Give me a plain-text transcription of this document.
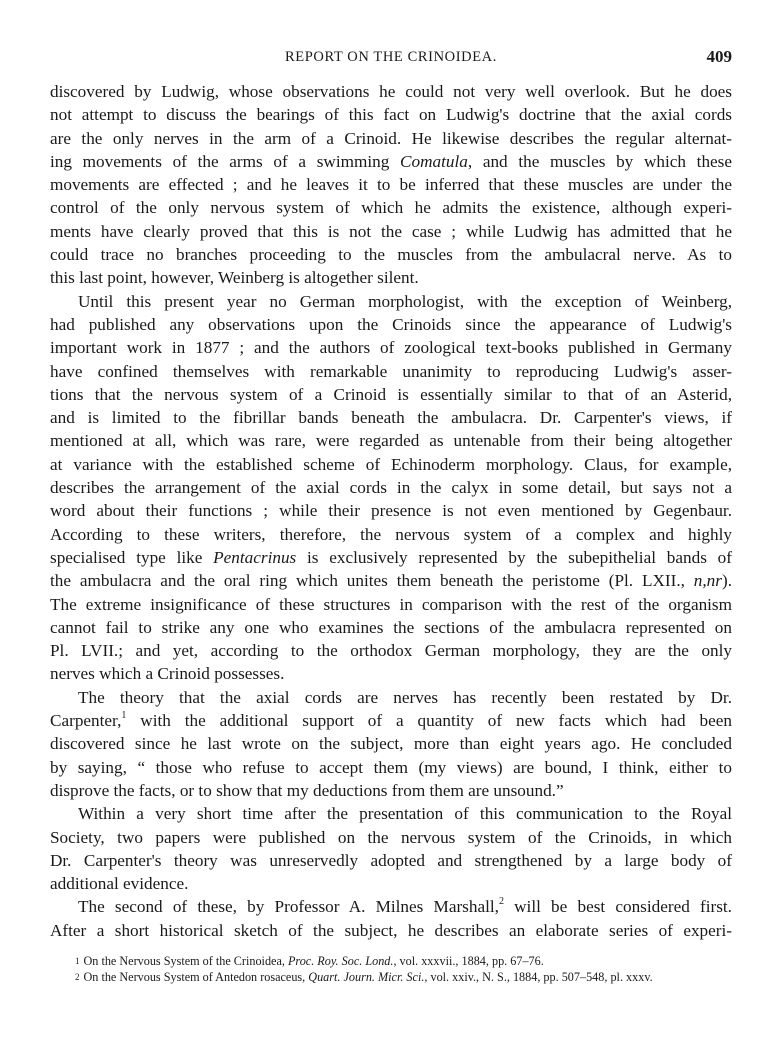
REPORT ON THE CRINOIDEA.	409
discovered by Ludwig, whose observations he could not very well overlook. But he does
not attempt to discuss the bearings of this fact on Ludwig's doctrine that the axial cords
are the only nerves in the arm of a Crinoid. He likewise describes the regular alternat-
ing movements of the arms of a swimming Comatula, and the muscles by which these
movements are effected ; and he leaves it to be inferred that these muscles are under the
control of the only nervous system of which he admits the existence, although experi-
ments have clearly proved that this is not the case ; while Ludwig has admitted that he
could trace no branches proceeding to the muscles from the ambulacral nerve. As to
this last point, however, Weinberg is altogether silent.
Until this present year no German morphologist, with the exception of Weinberg,
had published any observations upon the Crinoids since the appearance of Ludwig's
important work in 1877 ; and the authors of zoological text-books published in Germany
have confined themselves with remarkable unanimity to reproducing Ludwig's asser-
tions that the nervous system of a Crinoid is essentially similar to that of an Asterid,
and is limited to the fibrillar bands beneath the ambulacra. Dr. Carpenter's views, if
mentioned at all, which was rare, were regarded as untenable from their being altogether
at variance with the established scheme of Echinoderm morphology. Claus, for example,
describes the arrangement of the axial cords in the calyx in some detail, but says not a
word about their functions ; while their presence is not even mentioned by Gegenbaur.
According to these writers, therefore, the nervous system of a complex and highly
specialised type like Pentacrinus is exclusively represented by the subepithelial bands of
the ambulacra and the oral ring which unites them beneath the peristome (Pl. LXII., n,nr).
The extreme insignificance of these structures in comparison with the rest of the organism
cannot fail to strike any one who examines the sections of the ambulacra represented on
Pl. LVII.; and yet, according to the orthodox German morphology, they are the only
nerves which a Crinoid possesses.
The theory that the axial cords are nerves has recently been restated by Dr.
Carpenter,$^1$ with the additional support of a quantity of new facts which had been
discovered since he last wrote on the subject, more than eight years ago. He concluded
by saying, “ those who refuse to accept them (my views) are bound, I think, either to
disprove the facts, or to show that my deductions from them are unsound.”
Within a very short time after the presentation of this communication to the Royal
Society, two papers were published on the nervous system of the Crinoids, in which
Dr. Carpenter's theory was unreservedly adopted and strengthened by a large body of
additional evidence.
The second of these, by Professor A. Milnes Marshall,$^2$ will be best considered first.
After a short historical sketch of the subject, he describes an elaborate series of experi-
$^1$ On the Nervous System of the Crinoidea, Proc. Roy. Soc. Lond., vol. xxxvii., 1884, pp. 67–76.
$^2$ On the Nervous System of Antedon rosaceus, Quart. Journ. Micr. Sci., vol. xxiv., N. S., 1884, pp. 507–548, pl. xxxv.
